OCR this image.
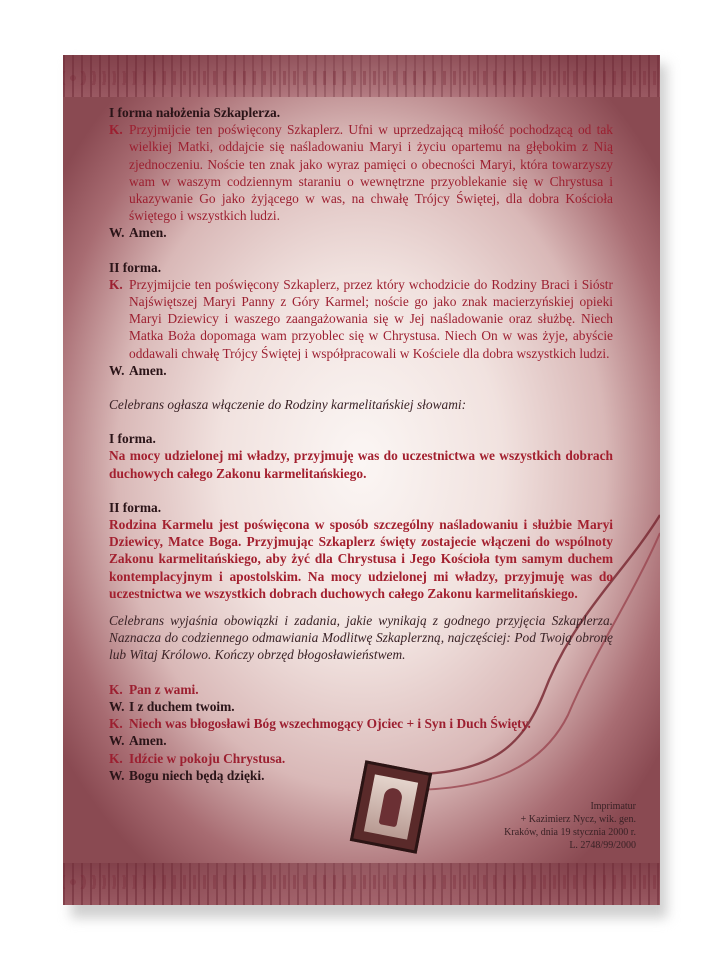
I forma nałożenia Szkaplerza.
K. Przyjmijcie ten poświęcony Szkaplerz. Ufni w uprzedzającą miłość pochodzącą od tak wielkiej Matki, oddajcie się naśladowaniu Maryi i życiu opartemu na głębokim z Nią zjednoczeniu. Noście ten znak jako wyraz pamięci o obecności Maryi, która towarzyszy wam w waszym codziennym staraniu o wewnętrzne przyoblekanie się w Chrystusa i ukazywanie Go jako żyjącego w was, na chwałę Trójcy Świętej, dla dobra Kościoła świętego i wszystkich ludzi.
W. Amen.
II forma.
K. Przyjmijcie ten poświęcony Szkaplerz, przez który wchodzicie do Rodziny Braci i Sióstr Najświętszej Maryi Panny z Góry Karmel; noście go jako znak macierzyńskiej opieki Maryi Dziewicy i waszego zaangażowania się w Jej naśladowanie oraz służbę. Niech Matka Boża dopomaga wam przyoblec się w Chrystusa. Niech On w was żyje, abyście oddawali chwałę Trójcy Świętej i współpracowali w Kościele dla dobra wszystkich ludzi.
W. Amen.
Celebrans ogłasza włączenie do Rodziny karmelitańskiej słowami:
I forma.
Na mocy udzielonej mi władzy, przyjmuję was do uczestnictwa we wszystkich dobrach duchowych całego Zakonu karmelitańskiego.
II forma.
Rodzina Karmelu jest poświęcona w sposób szczególny naśladowaniu i służbie Maryi Dziewicy, Matce Boga. Przyjmując Szkaplerz święty zostajecie włączeni do wspólnoty Zakonu karmelitańskiego, aby żyć dla Chrystusa i Jego Kościoła tym samym duchem kontemplacyjnym i apostolskim. Na mocy udzielonej mi władzy, przyjmuję was do uczestnictwa we wszystkich dobrach duchowych całego Zakonu karmelitańskiego.
Celebrans wyjaśnia obowiązki i zadania, jakie wynikają z godnego przyjęcia Szkaplerza. Naznacza do codziennego odmawiania Modlitwę Szkaplerzną, najczęściej: Pod Twoją obronę lub Witaj Królowo. Kończy obrzęd błogosławieństwem.
K. Pan z wami.
W. I z duchem twoim.
K. Niech was błogosławi Bóg wszechmogący Ojciec + i Syn i Duch Święty.
W. Amen.
K. Idźcie w pokoju Chrystusa.
W. Bogu niech będą dzięki.
Imprimatur
+ Kazimierz Nycz, wik. gen.
Kraków, dnia 19 stycznia 2000 r.
L. 2748/99/2000
